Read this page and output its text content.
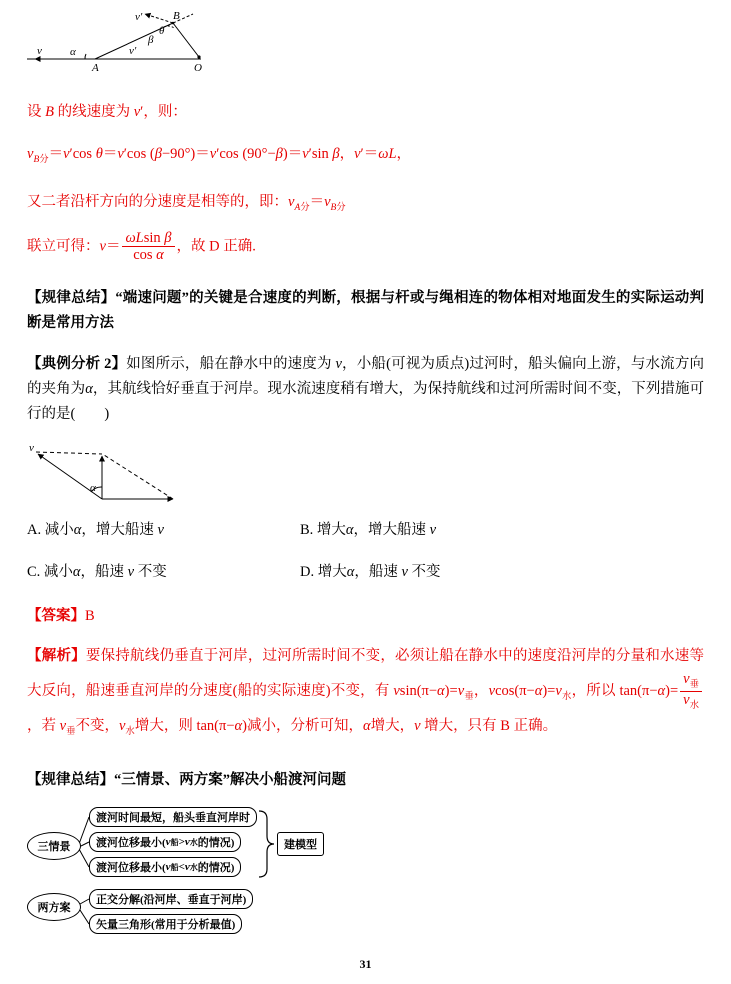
B
θ
β
v′
v	α
A
v′
O

设 B 的线速度为 v′，则：

$v_{B分}=v'\cos$ θ＝v′cos (β−90°)＝v′cos (90°−β)＝v′sin β，v′＝ωL，

又二者沿杆方向的分速度是相等的，即：$v_{A分}=v_{B分}$

联立可得：$v= \frac{\text{ωLsin β}}{\text{cos α}}$ ，故 D 正确.

【规律总结】“端速问题”的关键是合速度的判断，根据与杆或与绳相连的物体相对地面发生的实际运动判断是常用方法

【典例分析 2】如图所示，船在静水中的速度为 v，小船(可视为质点)过河时，船头偏向上游，与水流方向的夹角为α，其航线恰好垂直于河岸。现水流速度稍有增大，为保持航线和过河所需时间不变，下列措施可行的是(　　)

v
α

A. 减小α，增大船速 v	B. 增大α，增大船速 v

C. 减小α，船速 v 不变	D. 增大α，船速 v 不变

【答案】B

【解析】要保持航线仍垂直于河岸，过河所需时间不变，必须让船在静水中的速度沿河岸的分量和水速等大反向，船速垂直河岸的分速度(船的实际速度)不变，有 $vsin(\pi-\alpha)=v_垂$，$vcos(\pi-\alpha)=v_水$，所以 $\tan(\pi-\alpha)= \frac{v_垂}{v_水}$
，若 $v_垂$不变，$v_水$增大，则 tan(π−α)减小，分析可知，α增大，v 增大，只有 B 正确。

【规律总结】“三情景、两方案”解决小船渡河问题

三情景
渡河时间最短，船头垂直河岸时
渡河位移最小( v 船 > v 水 的情况)
渡河位移最小( v 船 < v 水 的情况)
建模型
两方案
正交分解(沿河岸、垂直于河岸)
矢量三角形(常用于分析最值)
31
